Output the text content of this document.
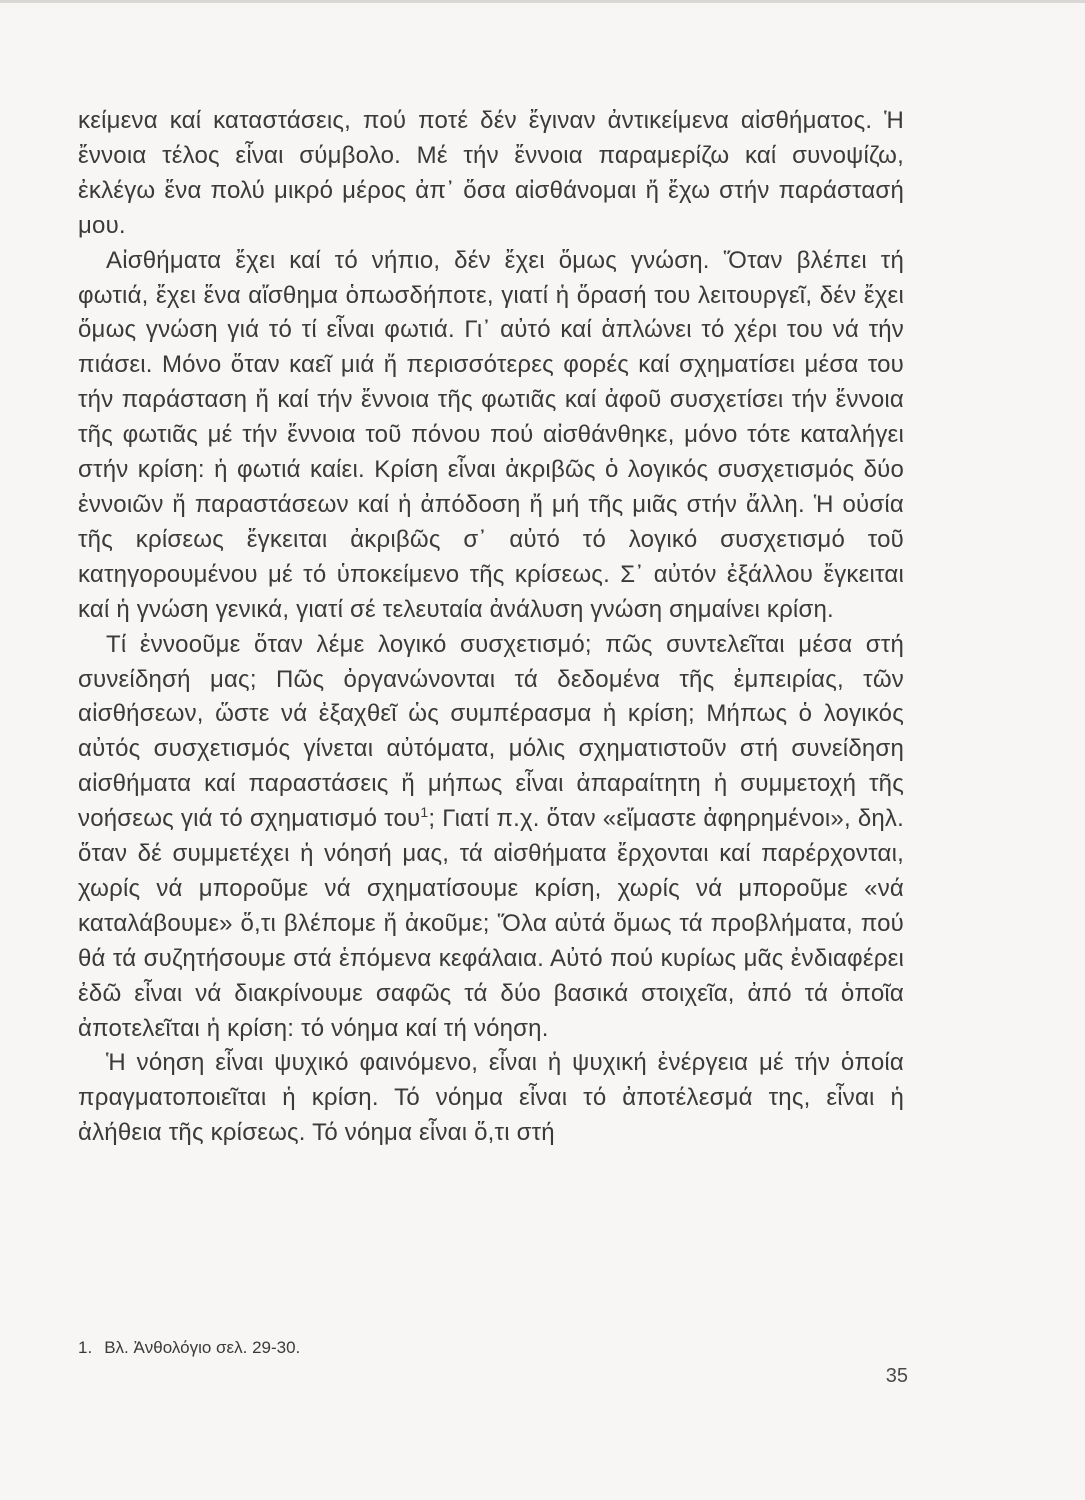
κείμενα καί καταστάσεις, πού ποτέ δέν ἔγιναν ἀντικείμενα αἰσθήματος. Ἡ ἔννοια τέλος εἶναι σύμβολο. Μέ τήν ἔννοια παραμερίζω καί συνοψίζω, ἐκλέγω ἕνα πολύ μικρό μέρος ἀπ᾽ ὅσα αἰσθάνομαι ἤ ἔχω στήν παράστασή μου.

Αἰσθήματα ἔχει καί τό νήπιο, δέν ἔχει ὅμως γνώση. Ὅταν βλέπει τή φωτιά, ἔχει ἕνα αἴσθημα ὁπωσδήποτε, γιατί ἡ ὅρασή του λειτουργεῖ, δέν ἔχει ὅμως γνώση γιά τό τί εἶναι φωτιά. Γι᾽ αὐτό καί ἁπλώνει τό χέρι του νά τήν πιάσει. Μόνο ὅταν καεῖ μιά ἤ περισσότερες φορές καί σχηματίσει μέσα του τήν παράσταση ἤ καί τήν ἔννοια τῆς φωτιᾶς καί ἀφοῦ συσχετίσει τήν ἔννοια τῆς φωτιᾶς μέ τήν ἔννοια τοῦ πόνου πού αἰσθάνθηκε, μόνο τότε καταλήγει στήν κρίση: ἡ φωτιά καίει. Κρίση εἶναι ἀκριβῶς ὁ λογικός συσχετισμός δύο ἐννοιῶν ἤ παραστάσεων καί ἡ ἀπόδοση ἤ μή τῆς μιᾶς στήν ἄλλη. Ἡ οὐσία τῆς κρίσεως ἔγκειται ἀκριβῶς σ᾽ αὐτό τό λογικό συσχετισμό τοῦ κατηγορουμένου μέ τό ὑποκείμενο τῆς κρίσεως. Σ᾽ αὐτόν ἐξάλλου ἔγκειται καί ἡ γνώση γενικά, γιατί σέ τελευταία ἀνάλυση γνώση σημαίνει κρίση.

Τί ἐννοοῦμε ὅταν λέμε λογικό συσχετισμό; πῶς συντελεῖται μέσα στή συνείδησή μας; Πῶς ὀργανώνονται τά δεδομένα τῆς ἐμπειρίας, τῶν αἰσθήσεων, ὥστε νά ἐξαχθεῖ ὡς συμπέρασμα ἡ κρίση; Μήπως ὁ λογικός αὐτός συσχετισμός γίνεται αὐτόματα, μόλις σχηματιστοῦν στή συνείδηση αἰσθήματα καί παραστάσεις ἤ μήπως εἶναι ἀπαραίτητη ἡ συμμετοχή τῆς νοήσεως γιά τό σχηματισμό του$^1$; Γιατί π.χ. ὅταν «εἴμαστε ἀφηρημένοι», δηλ. ὅταν δέ συμμετέχει ἡ νόησή μας, τά αἰσθήματα ἔρχονται καί παρέρχονται, χωρίς νά μποροῦμε νά σχηματίσουμε κρίση, χωρίς νά μποροῦμε «νά καταλάβουμε» ὅ,τι βλέπομε ἤ ἀκοῦμε; Ὅλα αὐτά ὅμως τά προβλήματα, πού θά τά συζητήσουμε στά ἑπόμενα κεφάλαια. Αὐτό πού κυρίως μᾶς ἐνδιαφέρει ἐδῶ εἶναι νά διακρίνουμε σαφῶς τά δύο βασικά στοιχεῖα, ἀπό τά ὁποῖα ἀποτελεῖται ἡ κρίση: τό νόημα καί τή νόηση.

Ἡ νόηση εἶναι ψυχικό φαινόμενο, εἶναι ἡ ψυχική ἐνέργεια μέ τήν ὁποία πραγματοποιεῖται ἡ κρίση. Τό νόημα εἶναι τό ἀποτέλεσμά της, εἶναι ἡ ἀλήθεια τῆς κρίσεως. Τό νόημα εἶναι ὅ,τι στή

1. Βλ. Ἀνθολόγιο σελ. 29-30.
35
